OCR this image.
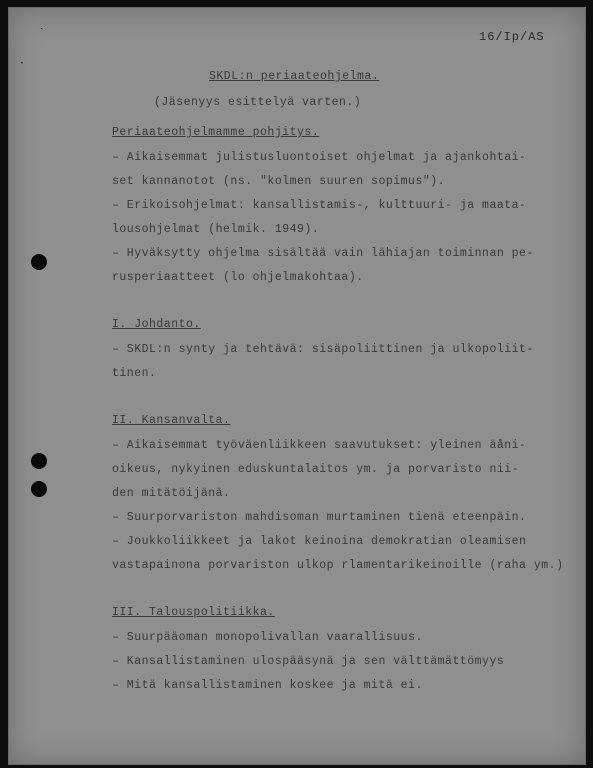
ˋ
⸼
16/Ip/AS
SKDL:n periaateohjelma.
(Jäsenyys esittelyä varten.)
Periaateohjelmamme pohjitys.
– Aikaisemmat julistusluontoiset ohjelmat ja ajankohtai-
set kannanotot (ns. "kolmen suuren sopimus").
– Erikoisohjelmat: kansallistamis-, kulttuuri- ja maata-
lousohjelmat (helmik. 1949).
– Hyväksytty ohjelma sisältää vain lähiajan toiminnan pe-
rusperiaatteet (lo ohjelmakohtaa).
I. Johdanto.
– SKDL:n synty ja tehtävä: sisäpoliittinen ja ulkopoliit-
tinen.
II. Kansanvalta.
– Aikaisemmat työväenliikkeen saavutukset: yleinen äåni-
oikeus, nykyinen eduskuntalaitos ym. ja porvaristo nii-
den mitätöijänä.
– Suurporvariston mahdisoman murtaminen tienä eteenpäin.
– Joukkoliikkeet ja lakot keinoina demokratian oleamisen
vastapainona porvariston ulkop rlamentarikeinoille (raha ym.)
III. Talouspolitiikka.
– Suurpääoman monopolivallan vaarallisuus.
– Kansallistaminen ulospääsynä ja sen välttämättömyys
– Mitä kansallistaminen koskee ja mitä ei.
